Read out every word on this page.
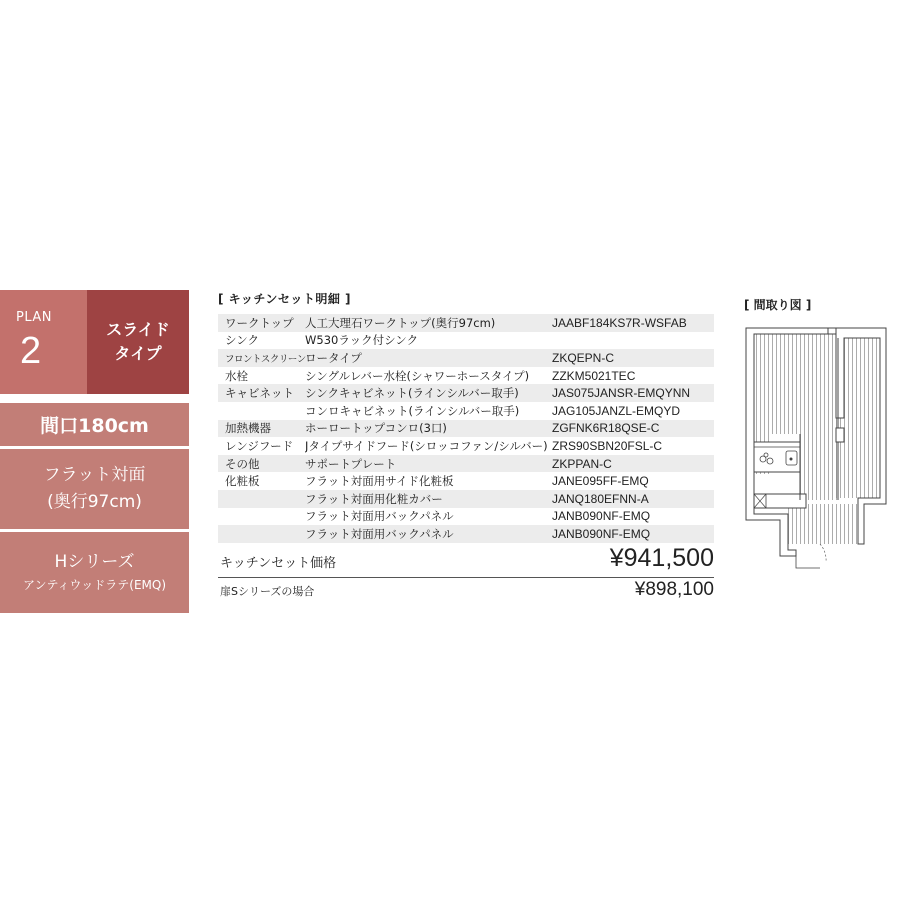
PLAN
2
スライド
タイプ
間口180cm
フラット対面
(奥行97cm)
Hシリーズ
アンティウッドラテ(EMQ)
[ キッチンセット明細 ]
ワークトップ 人工大理石ワークトップ(奥行97cm)	JAABF184KS7R-WSFAB
シンク	W530ラック付シンク
フロントスクリーン ロータイプ	ZKQEPN-C
水栓	シングルレバー水栓(シャワーホースタイプ)	ZZKM5021TEC
キャビネット シンクキャビネット(ラインシルバー取手)	JAS075JANSR-EMQYNN
コンロキャビネット(ラインシルバー取手)	JAG105JANZL-EMQYD
加熱機器	ホーロートップコンロ(3口)	ZGFNK6R18QSE-C
レンジフード	Jタイプサイドフード(シロッコファン/シルバー) ZRS90SBN20FSL-C
その他	サポートプレート	ZKPPAN-C
化粧板	フラット対面用サイド化粧板	JANE095FF-EMQ
フラット対面用化粧カバー	JANQ180EFNN-A
フラット対面用バックパネル	JANB090NF-EMQ
フラット対面用バックパネル	JANB090NF-EMQ
キッチンセット価格	¥941,500
扉Sシリーズの場合	¥898,100
[ 間取り図 ]
